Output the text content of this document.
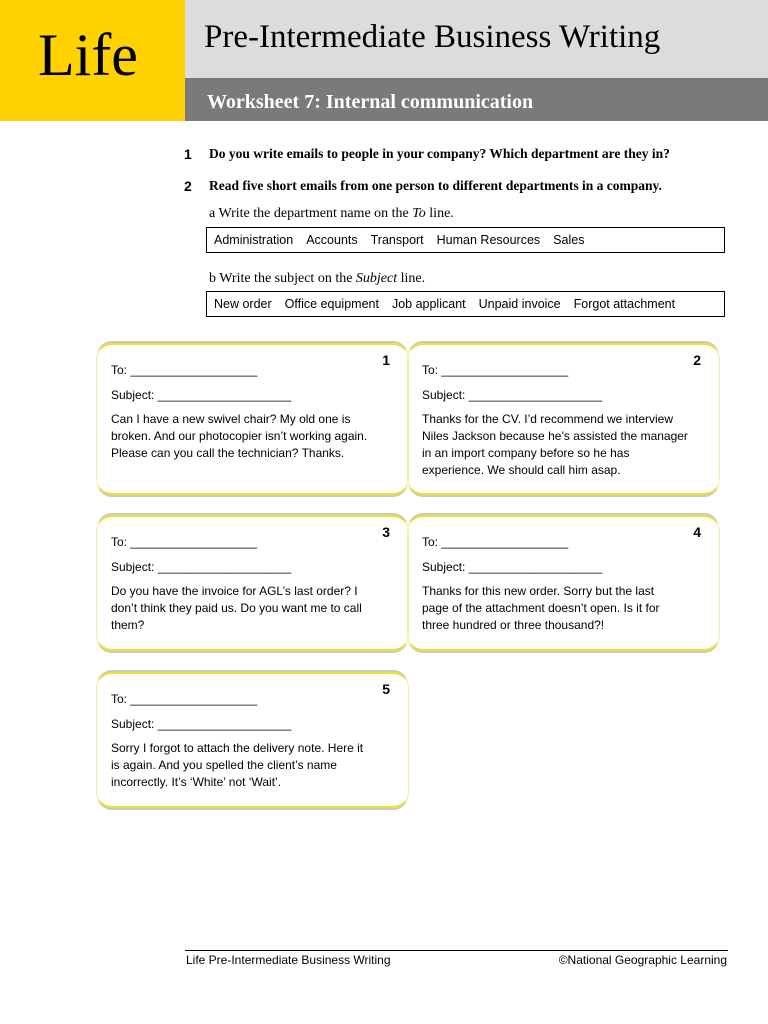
Life Pre-Intermediate Business Writing
Worksheet 7: Internal communication
1 Do you write emails to people in your company? Which department are they in?
2 Read five short emails from one person to different departments in a company.
a Write the department name on the To line.
Administration Accounts Transport Human Resources Sales
b Write the subject on the Subject line.
New order Office equipment Job applicant Unpaid invoice Forgot attachment
1
To: ___________________
Subject: ____________________
Can I have a new swivel chair? My old one is
broken. And our photocopier isn’t working again.
Please can you call the technician? Thanks.
2
To: ___________________
Subject: ____________________
Thanks for the CV. I’d recommend we interview
Niles Jackson because he’s assisted the manager
in an import company before so he has
experience. We should call him asap.
3
To: ___________________
Subject: ____________________
Do you have the invoice for AGL’s last order? I
don’t think they paid us. Do you want me to call
them?
4
To: ___________________
Subject: ____________________
Thanks for this new order. Sorry but the last
page of the attachment doesn’t open. Is it for
three hundred or three thousand?!
5
To: ___________________
Subject: ____________________
Sorry I forgot to attach the delivery note. Here it
is again. And you spelled the client’s name
incorrectly. It’s ‘White’ not ‘Wait’.
Life Pre-Intermediate Business Writing	©National Geographic Learning
